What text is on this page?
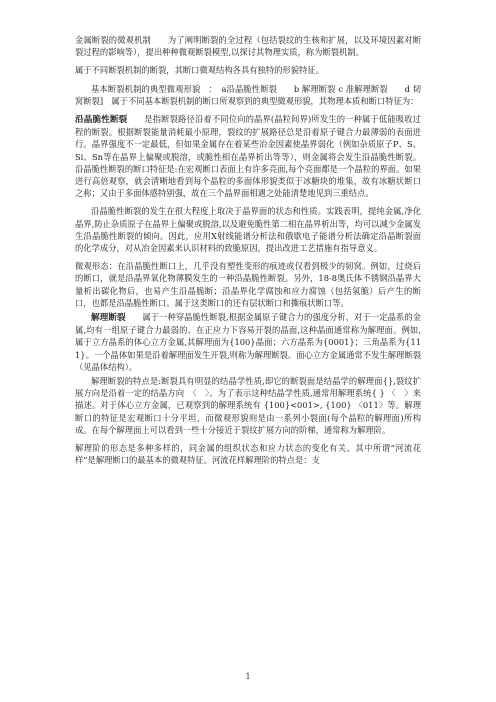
金属断裂的微观机制　　为了阐明断裂的全过程（包括裂纹的生核和扩展，以及环境因素对断裂过程的影响等），提出种种微观断裂模型,以探讨其物理实质，称为断裂机制。

属于不同断裂机制的断裂，其断口微观结构各具有独特的形貌特征。

基本断裂机制的典型微观形貌　：　a沿晶脆性断裂　　b 解理断裂 c 准解理断裂　　d 韧窝断裂]　属于不同基本断裂机制的断口所观察到的典型微观形貌，其物理本质和断口特征为：

沿晶脆性断裂　　是指断裂路径沿着不同位向的晶界(晶粒间界)所发生的一种属于低能吸收过程的断裂。根据断裂能量消耗最小原理，裂纹的扩展路径总是沿着原子键合力最薄弱的表面进行。晶界强度不一定最低，但如果金属存在着某些冶金因素使晶界弱化（例如杂质原子P、S、Si、Sn等在晶界上偏聚或脱溶，或脆性相在晶界析出等等），则金属将会发生沿晶脆性断裂。沿晶脆性断裂的断口特征是:在宏观断口表面上有许多亮面,每个亮面都是一个晶粒的界面。如果进行高倍观察，就会清晰地看到每个晶粒的多面体形貌类似于冰糖块的堆集，故有冰糖状断口之称；又由于多面体感特别强，故在三个晶界面相遇之处能清楚地见到三重结点。

沿晶脆性断裂的发生在很大程度上取决于晶界面的状态和性质。实践表明，提纯金属,净化晶界,防止杂质原子在晶界上偏聚或脱溶,以及避免脆性第二相在晶界析出等，均可以减少金属发生沿晶脆性断裂的倾向。因此，应用X射线能谱分析法和俄歇电子能谱分析法确定沿晶断裂面的化学成分，对从冶金因素来认识材料的致脆原因，提出改进工艺措施有指导意义。

微观形态：在沿晶脆性断口上，几乎没有塑性变形的痕迹或仅看到极少的韧窝。例如，过烧后的断口，就是沿晶界氧化物薄膜发生的一种沿晶脆性断裂。另外，18-8奥氏体不锈钢沿晶界大量析出碳化物后，也易产生沿晶脆断；沿晶界化学腐蚀和应力腐蚀（包括氢脆）后产生的断口，也都是沿晶脆性断口。属于这类断口的还有层状断口和撕痕状断口等。

解理断裂　　属于一种穿晶脆性断裂,根据金属原子键合力的强度分析，对于一定晶系的金属,均有一组原子键合力最弱的、在正应力下容易开裂的晶面,这种晶面通常称为解理面。例如,属于立方晶系的体心立方金属,其解理面为{100}晶面；六方晶系为{0001}；三角晶系为{111}。一个晶体如果是沿着解理面发生开裂,则称为解理断裂。面心立方金属通常不发生解理断裂（见晶体结构）。

解理断裂的特点是:断裂具有明显的结晶学性质,即它的断裂面是结晶学的解理面{},裂纹扩展方向是沿着一定的结晶方向　〈　〉。为了表示这种结晶学性质,通常用解理系统{ } 〈　〉来描述。对于体心立方金属，已观察到的解理系统有 {100}<001>, {100} 〈011〉等。解理断口的特征是宏观断口十分平坦，而微观形貌则是由一系列小裂面(每个晶粒的解理面)所构成。在每个解理面上可以看到一些十分接近于裂纹扩展方向的阶梯，通常称为解理阶。

解理阶的形态是多种多样的，同金属的组织状态和应力状态的变化有关。其中所谓“河流花样”是解理断口的最基本的微观特征。河流花样解理阶的特点是：支

1
